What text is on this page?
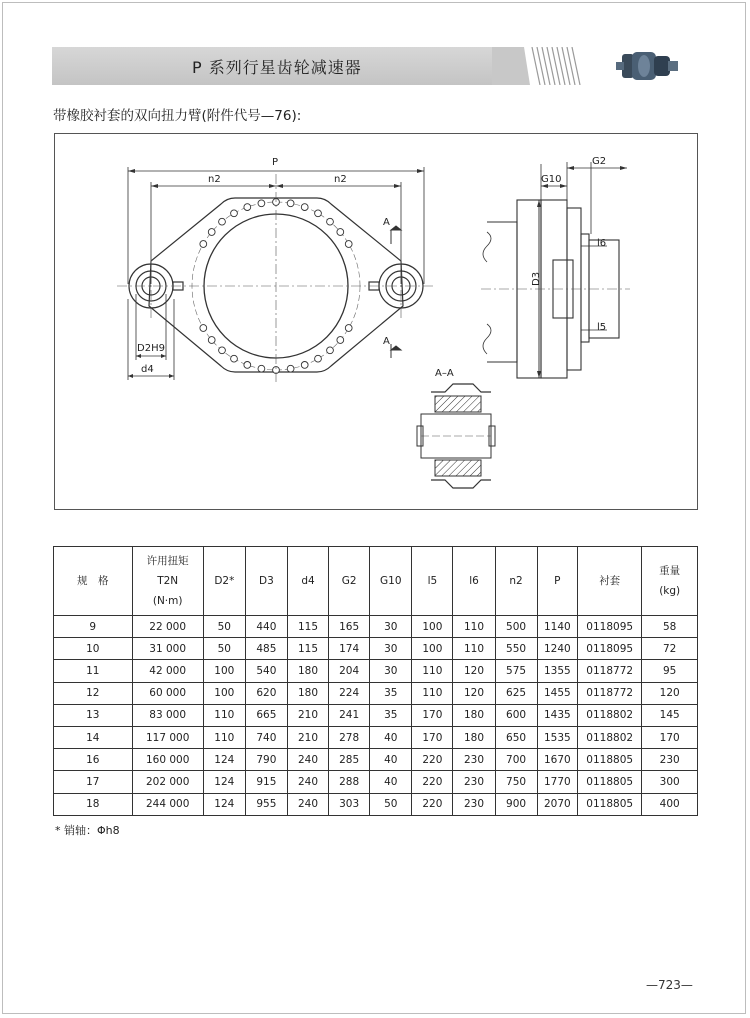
P 系列行星齿轮减速器
带橡胶衬套的双向扭力臂(附件代号—76):
P
n2	n2
A
A
D2H9
d4
G2
G10
D3
l6
l5
A–A
规　格	许用扭矩
T2N
(N·m)	D2*	D3	d4	G2	G10	l5	l6	n2	P	衬套	重量
(kg)
9	22 000	50	440	115	165	30	100	110	500	1140	0118095	58
10	31 000	50	485	115	174	30	100	110	550	1240	0118095	72
11	42 000	100	540	180	204	30	110	120	575	1355	0118772	95
12	60 000	100	620	180	224	35	110	120	625	1455	0118772	120
13	83 000	110	665	210	241	35	170	180	600	1435	0118802	145
14	117 000	110	740	210	278	40	170	180	650	1535	0118802	170
16	160 000	124	790	240	285	40	220	230	700	1670	0118805	230
17	202 000	124	915	240	288	40	220	230	750	1770	0118805	300
18	244 000	124	955	240	303	50	220	230	900	2070	0118805	400
* 销轴：Φh8
—723—
